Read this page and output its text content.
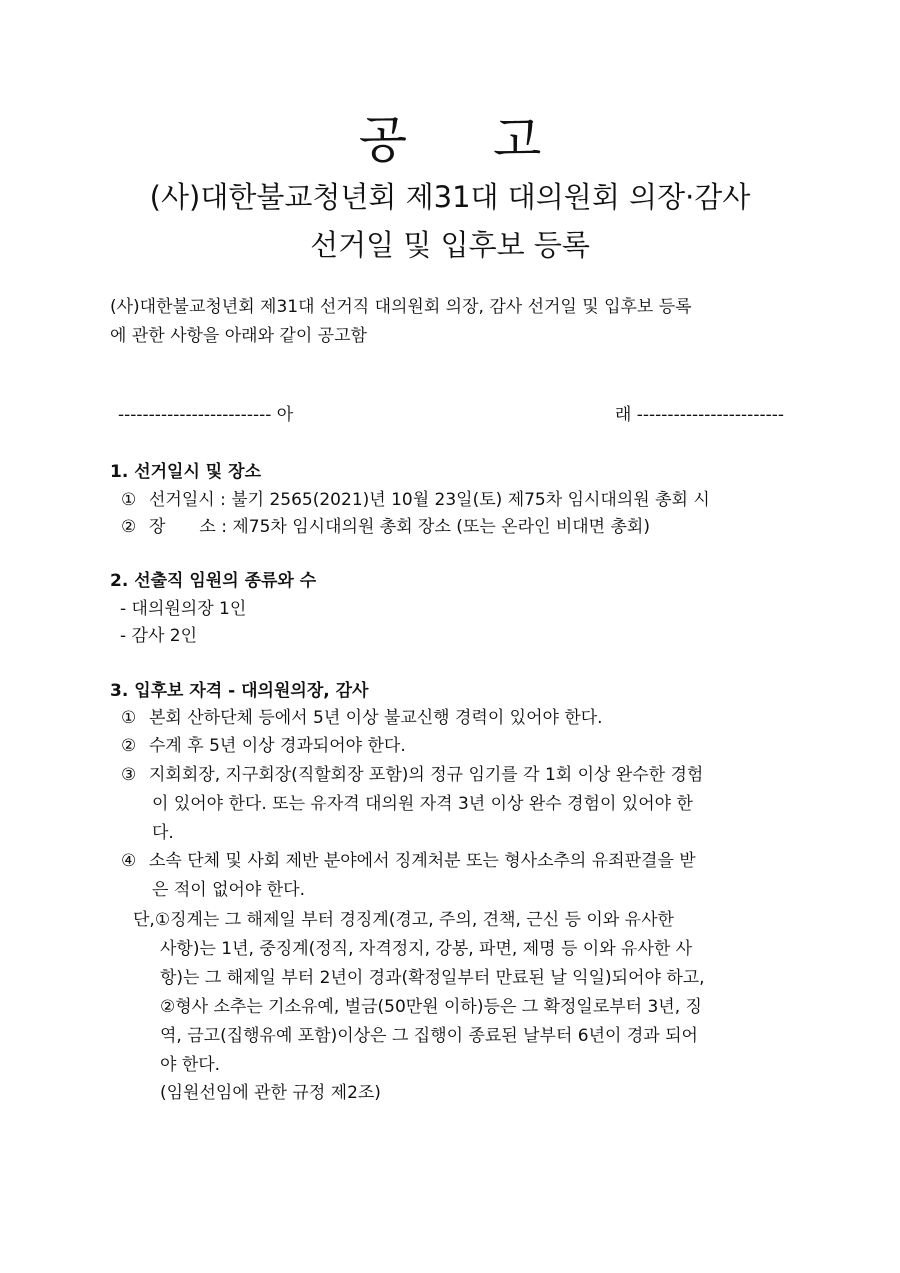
공 고
(사)대한불교청년회 제31대 대의원회 의장·감사
선거일 및 입후보 등록
(사)대한불교청년회 제31대 선거직 대의원회 의장, 감사 선거일 및 입후보 등록
에 관한 사항을 아래와 같이 공고함
------------------------- 아	래 ------------------------
1. 선거일시 및 장소
① 선거일시 : 불기 2565(2021)년 10월 23일(토) 제75차 임시대의원 총회 시
② 장　　소 : 제75차 임시대의원 총회 장소 (또는 온라인 비대면 총회)
2. 선출직 임원의 종류와 수
- 대의원의장 1인
- 감사 2인
3. 입후보 자격 - 대의원의장, 감사
① 본회 산하단체 등에서 5년 이상 불교신행 경력이 있어야 한다.
② 수계 후 5년 이상 경과되어야 한다.
③ 지회회장, 지구회장(직할회장 포함)의 정규 임기를 각 1회 이상 완수한 경험
이 있어야 한다. 또는 유자격 대의원 자격 3년 이상 완수 경험이 있어야 한
다.
④ 소속 단체 및 사회 제반 분야에서 징계처분 또는 형사소추의 유죄판결을 받
은 적이 없어야 한다.
단,①징계는 그 해제일 부터 경징계(경고, 주의, 견책, 근신 등 이와 유사한
사항)는 1년, 중징계(정직, 자격정지, 강봉, 파면, 제명 등 이와 유사한 사
항)는 그 해제일 부터 2년이 경과(확정일부터 만료된 날 익일)되어야 하고,
②형사 소추는 기소유예, 벌금(50만원 이하)등은 그 확정일로부터 3년, 징
역, 금고(집행유예 포함)이상은 그 집행이 종료된 날부터 6년이 경과 되어
야 한다.
(임원선임에 관한 규정 제2조)
